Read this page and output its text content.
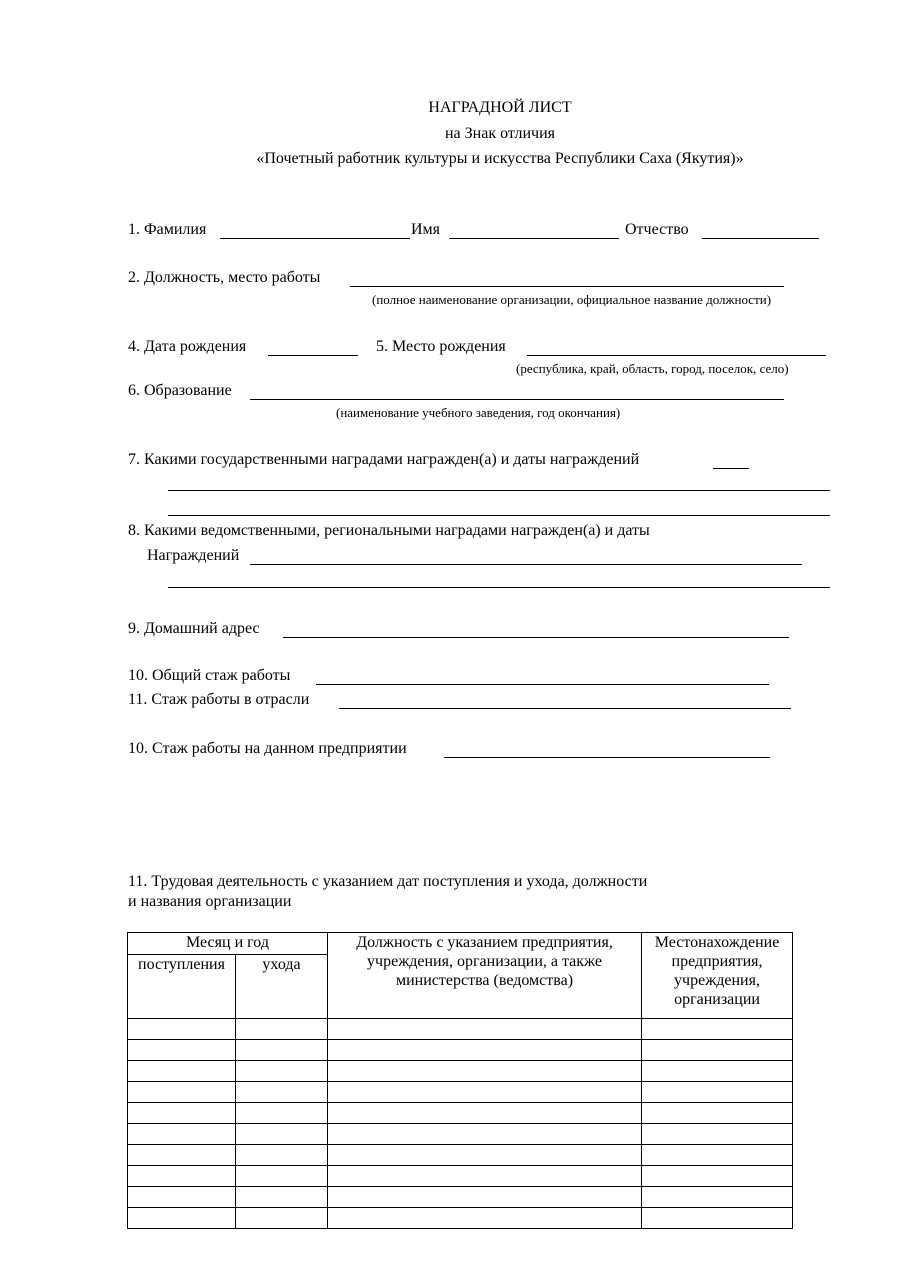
НАГРАДНОЙ ЛИСТ
на Знак отличия
«Почетный работник культуры и искусства Республики Саха (Якутия)»
1. Фамилия	Имя	Отчество
2. Должность, место работы
(полное наименование организации, официальное название должности)
4. Дата рождения	5. Место рождения
(республика, край, область, город, поселок, село)
6. Образование
(наименование учебного заведения, год окончания)
7. Какими государственными наградами награжден(а) и даты награждений
8. Какими ведомственными, региональными наградами награжден(а) и даты
Награждений
9. Домашний адрес
10. Общий стаж работы
11. Стаж работы в отрасли
10. Стаж работы на данном предприятии
11. Трудовая деятельность с указанием дат поступления и ухода, должности
и названия организации
Месяц и год		Должность с указанием предприятия, учреждения, организации, а также министерства (ведомства)	Местонахождение предприятия, учреждения, организации
поступления	ухода		
